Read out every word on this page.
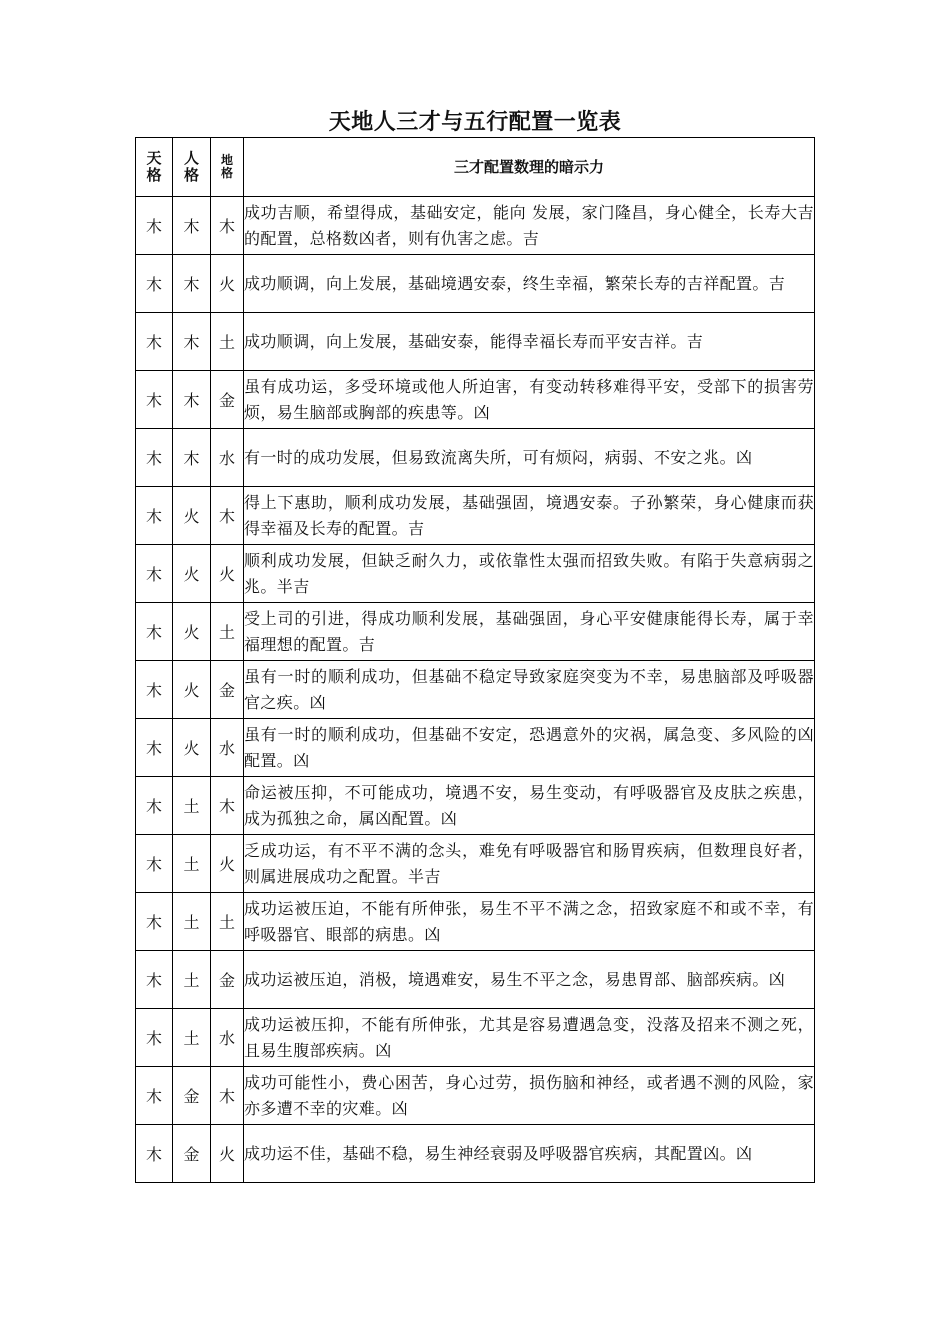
天地人三才与五行配置一览表
天格	人格	地格	三才配置数理的暗示力
木	木	木	成功吉顺，希望得成，基础安定，能向 发展，家门隆昌，身心健全，长寿大吉的配置，总格数凶者，则有仇害之虑。吉
木	木	火	成功顺调，向上发展，基础境遇安泰，终生幸福，繁荣长寿的吉祥配置。吉
木	木	土	成功顺调，向上发展，基础安泰，能得幸福长寿而平安吉祥。吉
木	木	金	虽有成功运，多受环境或他人所迫害，有变动转移难得平安，受部下的损害劳 烦，易生脑部或胸部的疾患等。凶
木	木	水	有一时的成功发展，但易致流离失所，可有烦闷，病弱、不安之兆。凶
木	火	木	得上下惠助，顺利成功发展，基础强固，境遇安泰。子孙繁荣，身心健康而获得幸福及长寿的配置。吉
木	火	火	顺利成功发展，但缺乏耐久力，或依靠性太强而招致失败。有陷于失意病弱之兆。半吉
木	火	土	受上司的引进，得成功顺利发展，基础强固，身心平安健康能得长寿，属于幸福理想的配置。吉
木	火	金	虽有一时的顺利成功，但基础不稳定导致家庭突变为不幸，易患脑部及呼吸器官之疾。凶
木	火	水	虽有一时的顺利成功，但基础不安定，恐遇意外的灾祸，属急变、多风险的凶配置。凶
木	土	木	命运被压抑，不可能成功，境遇不安，易生变动，有呼吸器官及皮肤之疾患，成为孤独之命，属凶配置。凶
木	土	火	乏成功运，有不平不满的念头，难免有呼吸器官和肠胃疾病，但数理良好者，则属进展成功之配置。半吉
木	土	土	成功运被压迫，不能有所伸张，易生不平不满之念，招致家庭不和或不幸，有呼吸器官、眼部的病患。凶
木	土	金	成功运被压迫，消极，境遇难安，易生不平之念，易患胃部、脑部疾病。凶
木	土	水	成功运被压抑，不能有所伸张，尤其是容易遭遇急变，没落及招来不测之死，且易生腹部疾病。凶
木	金	木	成功可能性小，费心困苦，身心过劳，损伤脑和神经，或者遇不测的风险，家亦多遭不幸的灾难。凶
木	金	火	成功运不佳，基础不稳，易生神经衰弱及呼吸器官疾病，其配置凶。凶
